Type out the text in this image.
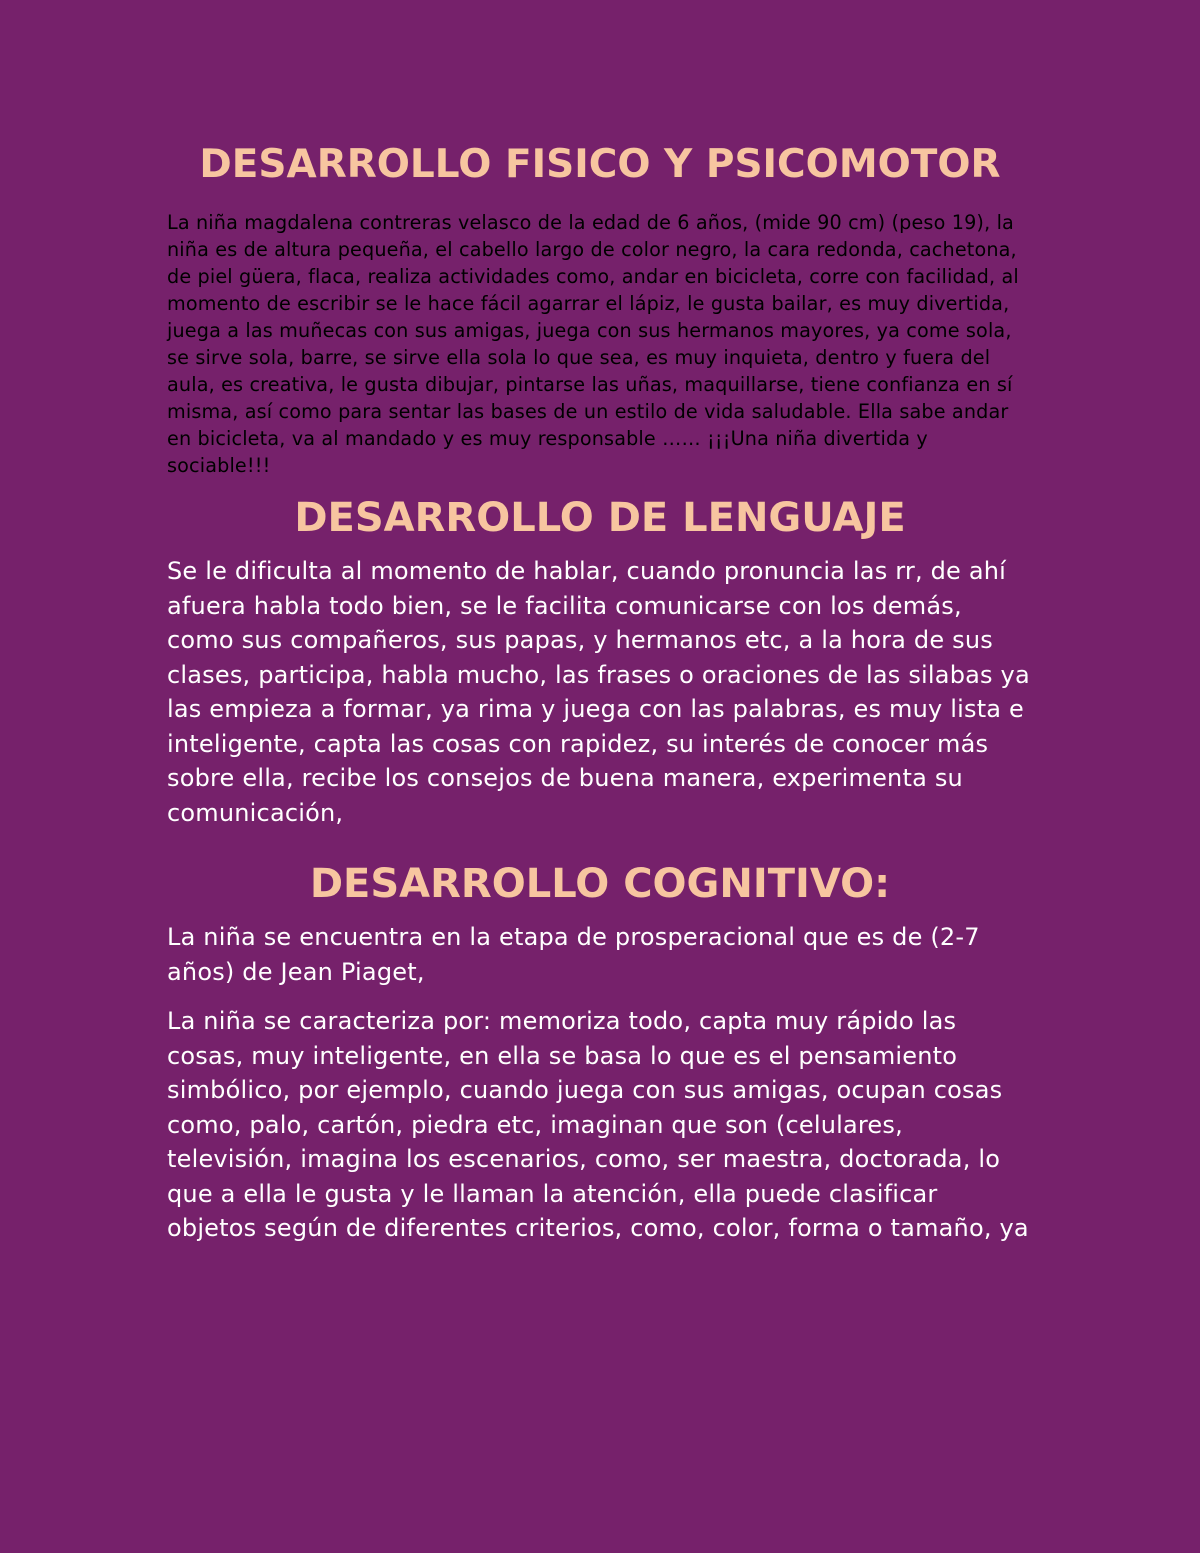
DESARROLLO FISICO Y PSICOMOTOR

La niña magdalena contreras velasco de la edad de 6 años, (mide 90 cm) (peso 19), la niña es de altura pequeña, el cabello largo de color negro, la cara redonda, cachetona, de piel güera, flaca, realiza actividades como, andar en bicicleta, corre con facilidad, al momento de escribir se le hace fácil agarrar el lápiz, le gusta bailar, es muy divertida, juega a las muñecas con sus amigas, juega con sus hermanos mayores, ya come sola, se sirve sola, barre, se sirve ella sola lo que sea, es muy inquieta, dentro y fuera del aula, es creativa, le gusta dibujar, pintarse las uñas, maquillarse, tiene confianza en sí misma, así como para sentar las bases de un estilo de vida saludable. Ella sabe andar en bicicleta, va al mandado y es muy responsable …… ¡¡¡Una niña divertida y sociable!!!

DESARROLLO DE LENGUAJE

Se le dificulta al momento de hablar, cuando pronuncia las rr, de ahí afuera habla todo bien, se le facilita comunicarse con los demás, como sus compañeros, sus papas, y hermanos etc, a la hora de sus clases, participa, habla mucho, las frases o oraciones de las silabas ya las empieza a formar, ya rima y juega con las palabras, es muy lista e inteligente, capta las cosas con rapidez, su interés de conocer más sobre ella, recibe los consejos de buena manera, experimenta su comunicación,

DESARROLLO COGNITIVO:

La niña se encuentra en la etapa de prosperacional que es de (2-7 años) de Jean Piaget,

La niña se caracteriza por: memoriza todo, capta muy rápido las cosas, muy inteligente, en ella se basa lo que es el pensamiento simbólico, por ejemplo, cuando juega con sus amigas, ocupan cosas como, palo, cartón, piedra etc, imaginan que son (celulares, televisión, imagina los escenarios, como, ser maestra, doctorada, lo que a ella le gusta y le llaman la atención, ella puede clasificar objetos según de diferentes criterios, como, color, forma o tamaño, ya
